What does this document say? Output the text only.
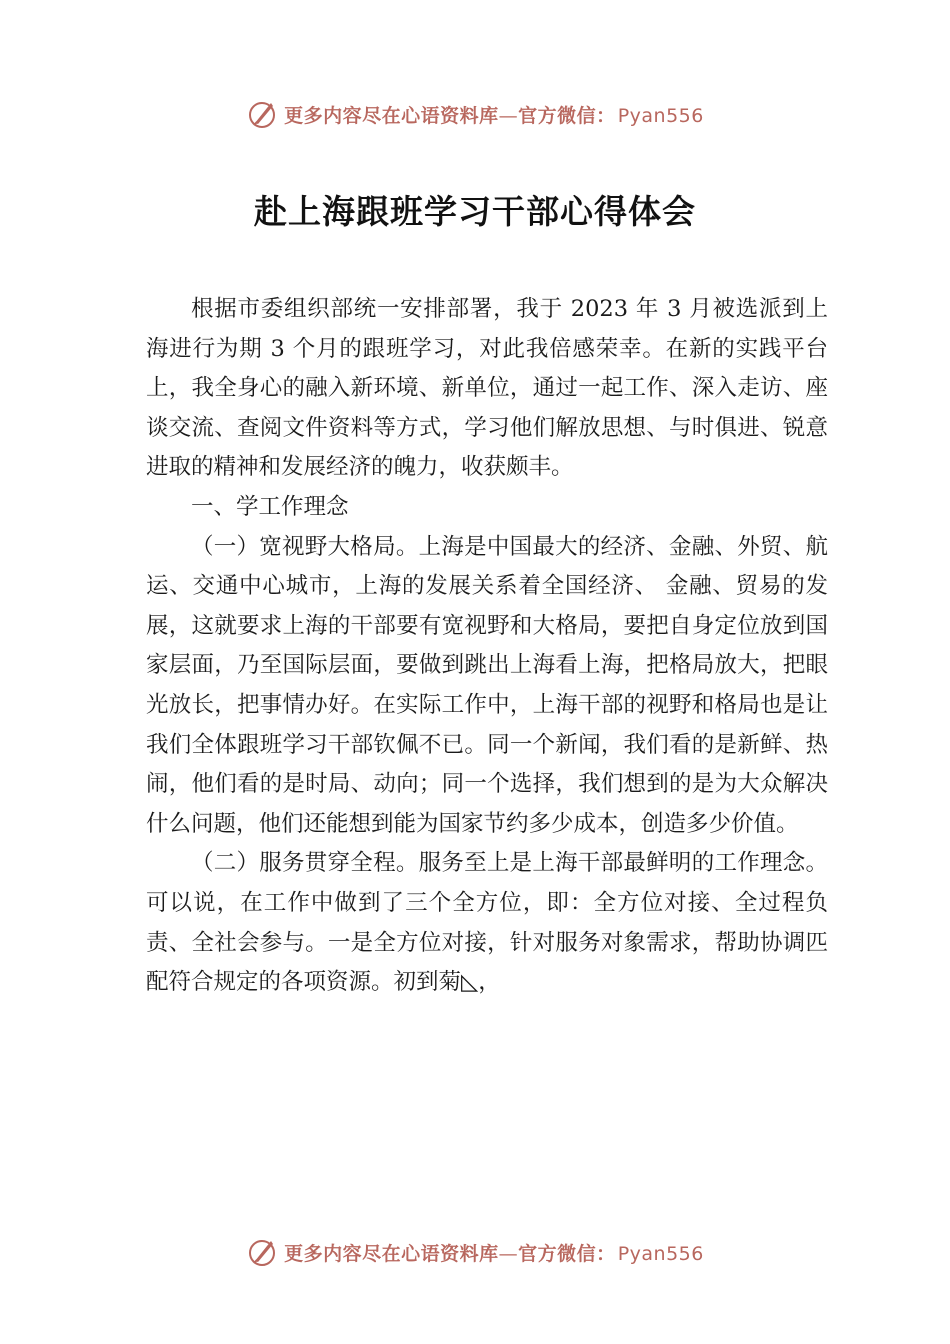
更多内容尽在心语资料库—官方微信： Pyan556
赴上海跟班学习干部心得体会

根据市委组织部统一安排部署，我于 2023 年 3 月被选派到上海进行为期 3 个月的跟班学习，对此我倍感荣幸。在新的实践平台上，我全身心的融入新环境、新单位，通过一起工作、深入走访、座谈交流、查阅文件资料等方式，学习他们解放思想、与时俱进、锐意进取的精神和发展经济的魄力，收获颇丰。

一、学工作理念

（一）宽视野大格局。上海是中国最大的经济、金融、外贸、航运、交通中心城市，上海的发展关系着全国经济、 金融、贸易的发展，这就要求上海的干部要有宽视野和大格局，要把自身定位放到国家层面，乃至国际层面，要做到跳出上海看上海，把格局放大，把眼光放长，把事情办好。在实际工作中，上海干部的视野和格局也是让我们全体跟班学习干部钦佩不已。同一个新闻，我们看的是新鲜、热闹，他们看的是时局、动向；同一个选择，我们想到的是为大众解决什么问题，他们还能想到能为国家节约多少成本，创造多少价值。

（二）服务贯穿全程。服务至上是上海干部最鲜明的工作理念。可以说，在工作中做到了三个全方位，即：全方位对接、全过程负责、全社会参与。一是全方位对接，针对服务对象需求，帮助协调匹配符合规定的各项资源。初到菊◺，

更多内容尽在心语资料库—官方微信： Pyan556
